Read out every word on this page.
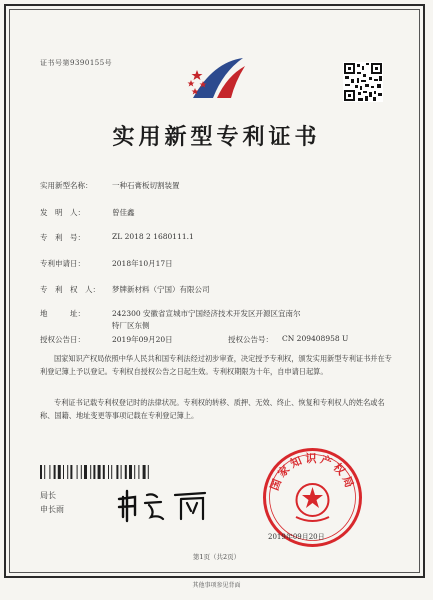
证书号第9390155号
实用新型专利证书
实用新型名称：	一种石膏板切割装置
发　明　人：	曾佳鑫
专　利　号：	ZL 2018 2 1680111.1
专利申请日：	2018年10月17日
专　利　权　人： 梦牌新材料（宁国）有限公司
地　　　址：	242300 安徽省宣城市宁国经济技术开发区开源区宜南尔
特厂区东侧
授权公告日：	2019年09月20日	授权公告号： CN 209408958 U
国家知识产权局依照中华人民共和国专利法经过初步审查，决定授予专利权，颁发实用新型专利证书并在专利登记簿上予以登记。专利权自授权公告之日起生效。专利权期限为十年，自申请日起算。
专利证书记载专利权登记时的法律状况。专利权的转移、质押、无效、终止、恢复和专利权人的姓名或名称、国籍、地址变更等事项记载在专利登记簿上。
局长
申长雨
国家知识产权局
2019年09月20日
第1页（共2页）
其他事项参见背面
